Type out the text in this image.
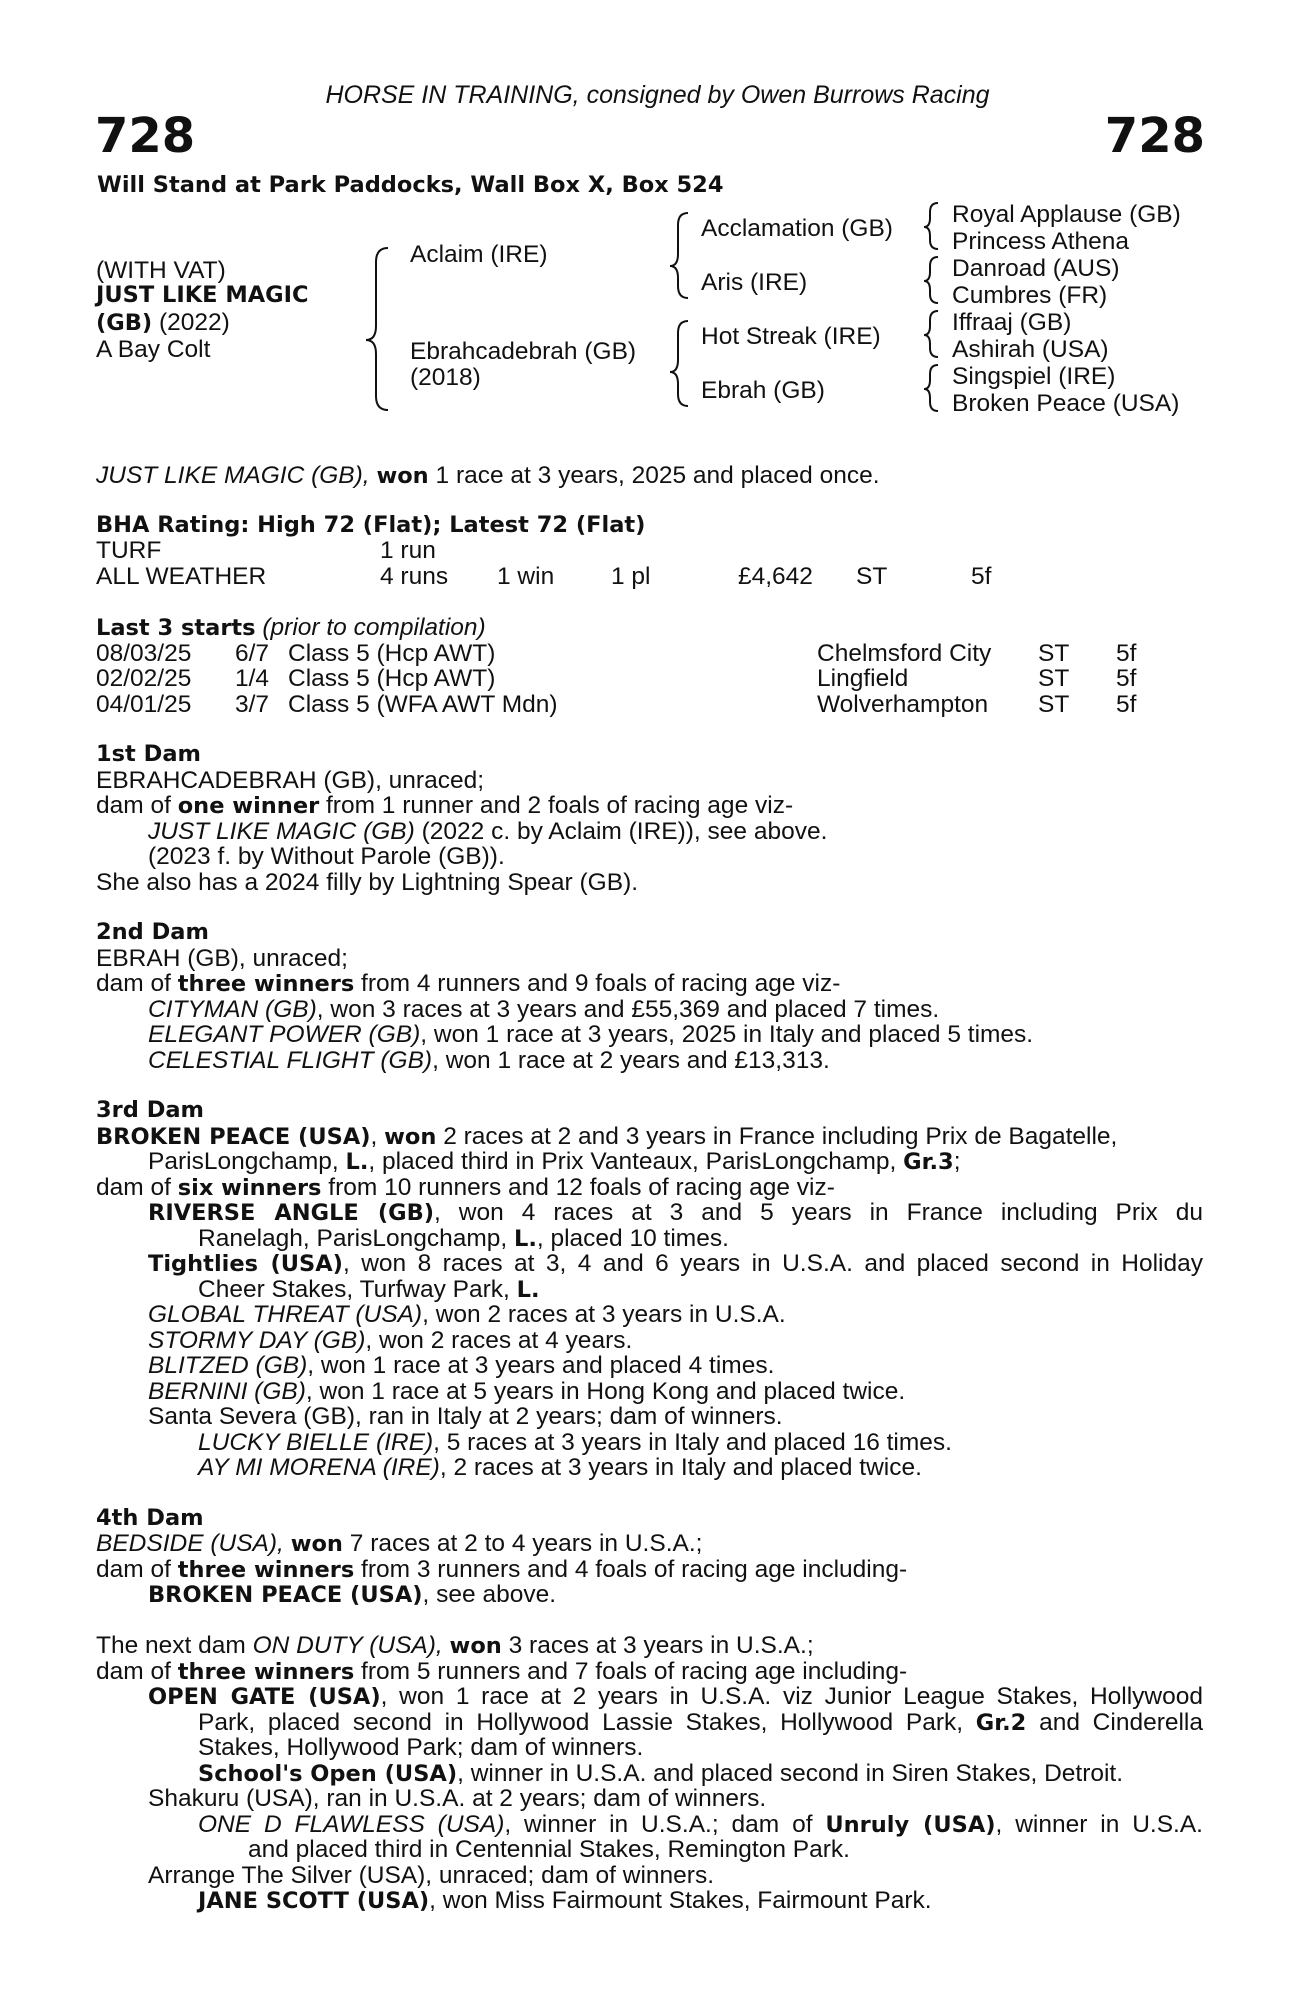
HORSE IN TRAINING, consigned by Owen Burrows Racing
728	728
Will Stand at Park Paddocks, Wall Box X, Box 524
(WITH VAT)
JUST LIKE MAGIC
(GB) (2022)
A Bay Colt
Aclaim (IRE)
Ebrahcadebrah (GB)
(2018)
Acclamation (GB)
Aris (IRE)
Hot Streak (IRE)
Ebrah (GB)
Royal Applause (GB)
Princess Athena
Danroad (AUS)
Cumbres (FR)
Iffraaj (GB)
Ashirah (USA)
Singspiel (IRE)
Broken Peace (USA)
JUST LIKE MAGIC (GB), won 1 race at 3 years, 2025 and placed once.
BHA Rating: High 72 (Flat); Latest 72 (Flat)
TURF	1 run
ALL WEATHER	4 runs 1 win 1 pl	£4,642 ST	5f
Last 3 starts (prior to compilation)
08/03/25 6/7 Class 5 (Hcp AWT)	Chelmsford City ST 5f
02/02/25 1/4 Class 5 (Hcp AWT)	Lingfield	ST 5f
04/01/25 3/7 Class 5 (WFA AWT Mdn)	Wolverhampton ST 5f
1st Dam
EBRAHCADEBRAH (GB), unraced;
dam of one winner from 1 runner and 2 foals of racing age viz-
JUST LIKE MAGIC (GB) (2022 c. by Aclaim (IRE)), see above.
(2023 f. by Without Parole (GB)).
She also has a 2024 filly by Lightning Spear (GB).
2nd Dam
EBRAH (GB), unraced;
dam of three winners from 4 runners and 9 foals of racing age viz-
CITYMAN (GB), won 3 races at 3 years and £55,369 and placed 7 times.
ELEGANT POWER (GB), won 1 race at 3 years, 2025 in Italy and placed 5 times.
CELESTIAL FLIGHT (GB), won 1 race at 2 years and £13,313.
3rd Dam
BROKEN PEACE (USA), won 2 races at 2 and 3 years in France including Prix de Bagatelle,
ParisLongchamp, L., placed third in Prix Vanteaux, ParisLongchamp, Gr.3;
dam of six winners from 10 runners and 12 foals of racing age viz-
RIVERSE ANGLE (GB), won 4 races at 3 and 5 years in France including Prix du
Ranelagh, ParisLongchamp, L., placed 10 times.
Tightlies (USA), won 8 races at 3, 4 and 6 years in U.S.A. and placed second in Holiday
Cheer Stakes, Turfway Park, L.
GLOBAL THREAT (USA), won 2 races at 3 years in U.S.A.
STORMY DAY (GB), won 2 races at 4 years.
BLITZED (GB), won 1 race at 3 years and placed 4 times.
BERNINI (GB), won 1 race at 5 years in Hong Kong and placed twice.
Santa Severa (GB), ran in Italy at 2 years; dam of winners.
LUCKY BIELLE (IRE), 5 races at 3 years in Italy and placed 16 times.
AY MI MORENA (IRE), 2 races at 3 years in Italy and placed twice.
4th Dam
BEDSIDE (USA), won 7 races at 2 to 4 years in U.S.A.;
dam of three winners from 3 runners and 4 foals of racing age including-
BROKEN PEACE (USA), see above.
The next dam ON DUTY (USA), won 3 races at 3 years in U.S.A.;
dam of three winners from 5 runners and 7 foals of racing age including-
OPEN GATE (USA), won 1 race at 2 years in U.S.A. viz Junior League Stakes, Hollywood
Park, placed second in Hollywood Lassie Stakes, Hollywood Park, Gr.2 and Cinderella
Stakes, Hollywood Park; dam of winners.
School's Open (USA), winner in U.S.A. and placed second in Siren Stakes, Detroit.
Shakuru (USA), ran in U.S.A. at 2 years; dam of winners.
ONE D FLAWLESS (USA), winner in U.S.A.; dam of Unruly (USA), winner in U.S.A.
and placed third in Centennial Stakes, Remington Park.
Arrange The Silver (USA), unraced; dam of winners.
JANE SCOTT (USA), won Miss Fairmount Stakes, Fairmount Park.
